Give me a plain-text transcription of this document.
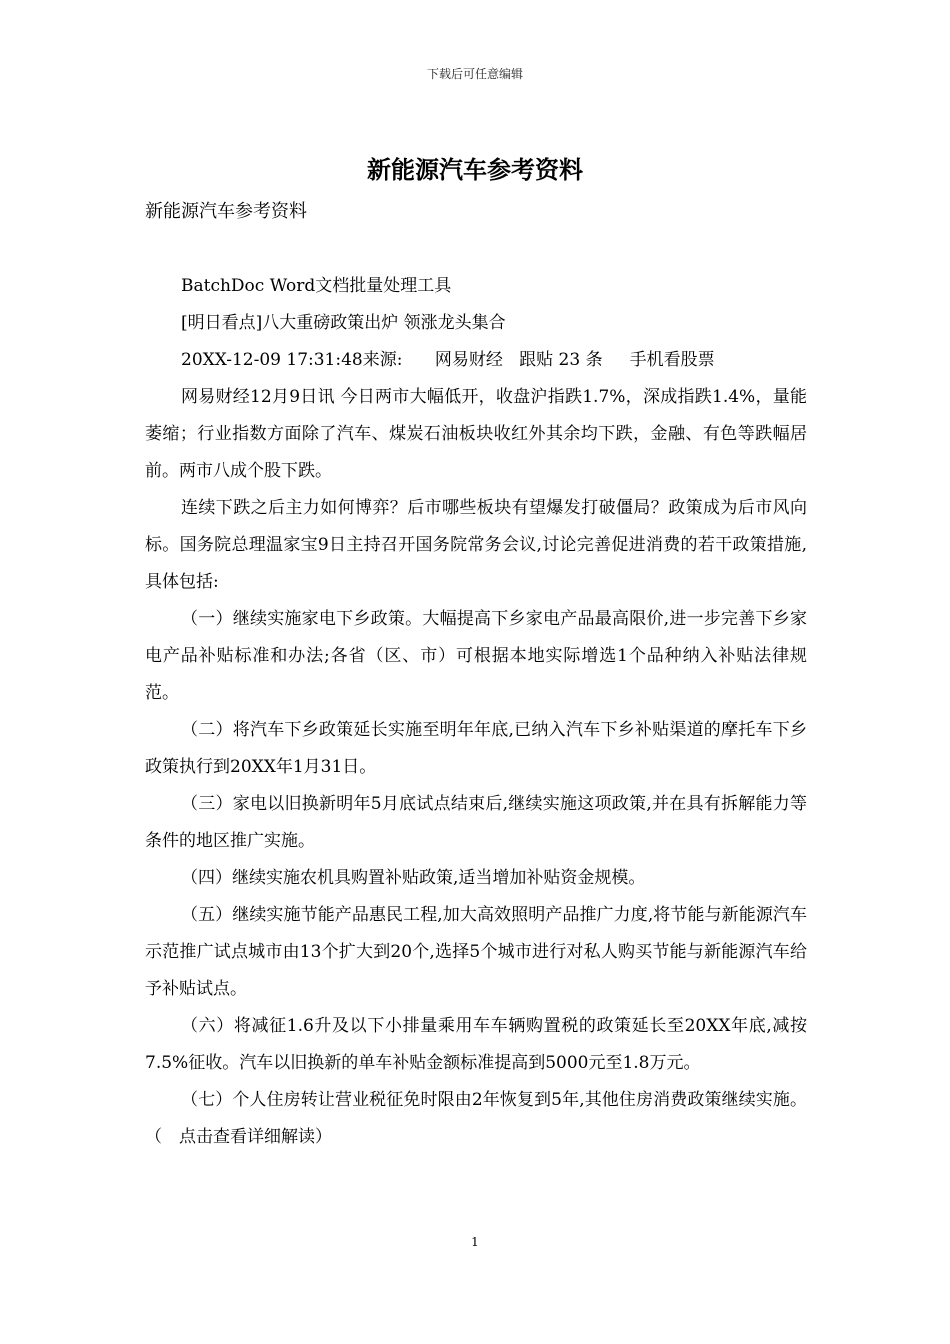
下载后可任意编辑
新能源汽车参考资料

新能源汽车参考资料

BatchDoc Word文档批量处理工具

[明日看点]八大重磅政策出炉 领涨龙头集合

20XX-12-09 17:31:48来源: 网易财经 跟贴 23 条 手机看股票

网易财经12月9日讯 今日两市大幅低开，收盘沪指跌1.7%，深成指跌1.4%，量能萎缩；行业指数方面除了汽车、煤炭石油板块收红外其余均下跌，金融、有色等跌幅居前。两市八成个股下跌。

连续下跌之后主力如何博弈？后市哪些板块有望爆发打破僵局？政策成为后市风向标。国务院总理温家宝9日主持召开国务院常务会议,讨论完善促进消费的若干政策措施,具体包括:

（一）继续实施家电下乡政策。大幅提高下乡家电产品最高限价,进一步完善下乡家电产品补贴标准和办法;各省（区、市）可根据本地实际增选1个品种纳入补贴法律规范。

（二）将汽车下乡政策延长实施至明年年底,已纳入汽车下乡补贴渠道的摩托车下乡政策执行到20XX年1月31日。

（三）家电以旧换新明年5月底试点结束后,继续实施这项政策,并在具有拆解能力等条件的地区推广实施。

（四）继续实施农机具购置补贴政策,适当增加补贴资金规模。

（五）继续实施节能产品惠民工程,加大高效照明产品推广力度,将节能与新能源汽车示范推广试点城市由13个扩大到20个,选择5个城市进行对私人购买节能与新能源汽车给予补贴试点。

（六）将减征1.6升及以下小排量乘用车车辆购置税的政策延长至20XX年底,减按7.5%征收。汽车以旧换新的单车补贴金额标准提高到5000元至1.8万元。

（七）个人住房转让营业税征免时限由2年恢复到5年,其他住房消费政策继续实施。（　点击查看详细解读）

1
